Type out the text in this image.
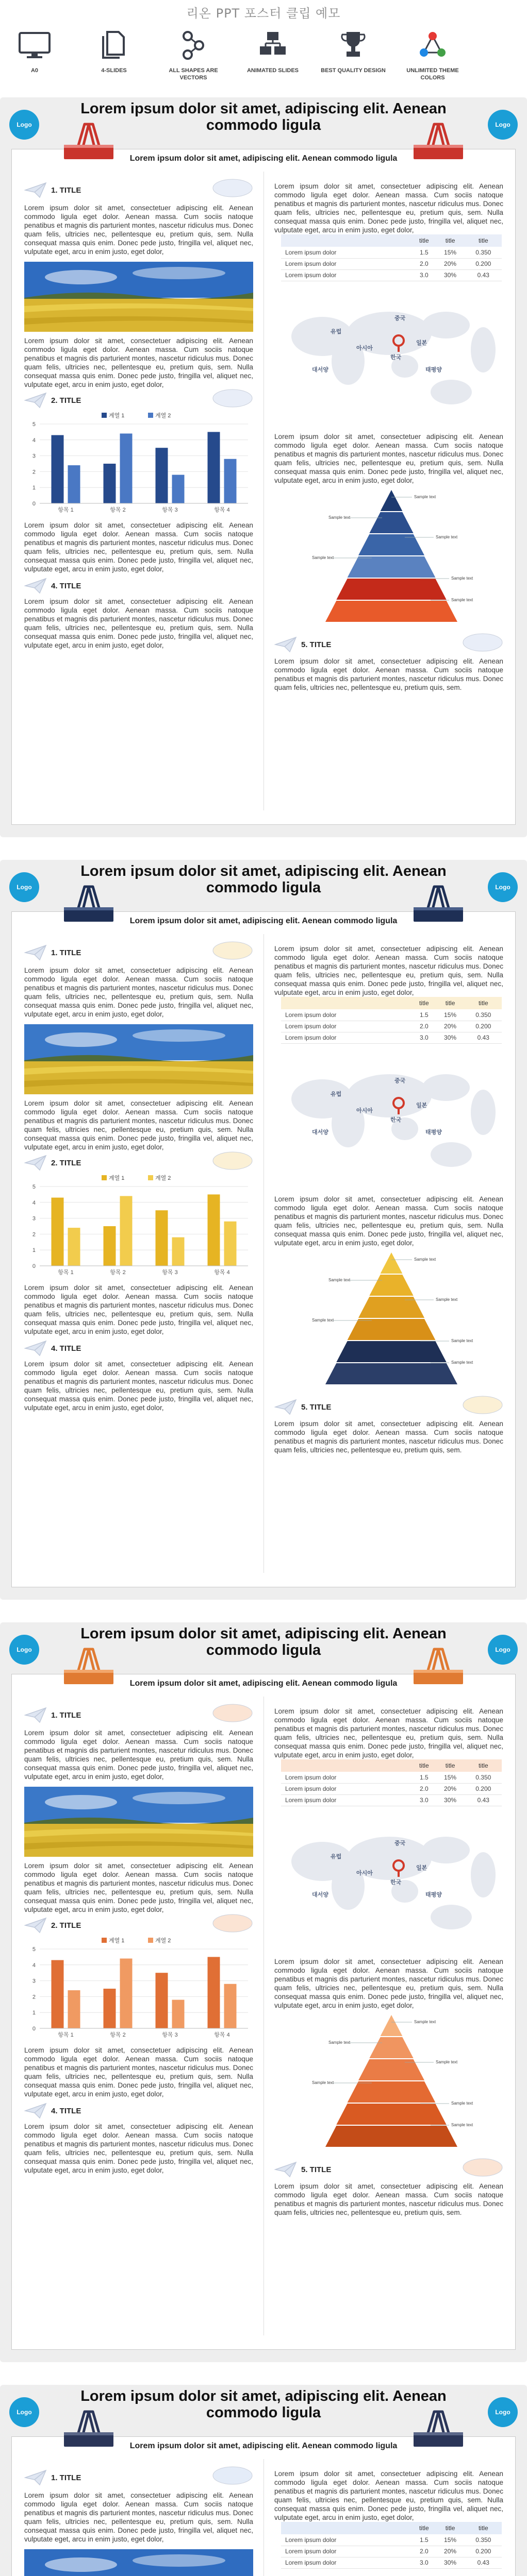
리온 PPT 포스터 클립 예모
A0	4-SLIDES	ALL SHAPES ARE VECTORS
ANIMATED SLIDES	BEST QUALITY DESIGN	UNLIMITED THEME COLORS
Logo	Logo
Lorem ipsum dolor sit amet, adipiscing elit. Aenean commodo ligula
Lorem ipsum dolor sit amet, adipiscing elit. Aenean commodo ligula
1. TITLE
Lorem ipsum dolor sit amet, consectetuer adipiscing elit. Aenean commodo ligula eget dolor. Aenean massa. Cum sociis natoque penatibus et magnis dis parturient montes, nascetur ridiculus mus. Donec quam felis, ultricies nec, pellentesque eu, pretium quis, sem. Nulla consequat massa quis enim. Donec pede justo, fringilla vel, aliquet nec, vulputate eget, arcu in enim justo, eget dolor,
Lorem ipsum dolor sit amet, consectetuer adipiscing elit. Aenean commodo ligula eget dolor. Aenean massa. Cum sociis natoque penatibus et magnis dis parturient montes, nascetur ridiculus mus. Donec quam felis, ultricies nec, pellentesque eu, pretium quis, sem. Nulla consequat massa quis enim. Donec pede justo, fringilla vel, aliquet nec, vulputate eget, arcu in enim justo, eget dolor,
2. TITLE
0
1
2
3
4
5
계열 1	계열 2
항목 1	항목 2	항목 3	항목 4
Lorem ipsum dolor sit amet, consectetuer adipiscing elit. Aenean commodo ligula eget dolor. Aenean massa. Cum sociis natoque penatibus et magnis dis parturient montes, nascetur ridiculus mus. Donec quam felis, ultricies nec, pellentesque eu, pretium quis, sem. Nulla consequat massa quis enim. Donec pede justo, fringilla vel, aliquet nec, vulputate eget, arcu in enim justo, eget dolor,
4. TITLE
Lorem ipsum dolor sit amet, consectetuer adipiscing elit. Aenean commodo ligula eget dolor. Aenean massa. Cum sociis natoque penatibus et magnis dis parturient montes, nascetur ridiculus mus. Donec quam felis, ultricies nec, pellentesque eu, pretium quis, sem. Nulla consequat massa quis enim. Donec pede justo, fringilla vel, aliquet nec, vulputate eget, arcu in enim justo, eget dolor,
Lorem ipsum dolor sit amet, consectetuer adipiscing elit. Aenean commodo ligula eget dolor. Aenean massa. Cum sociis natoque penatibus et magnis dis parturient montes, nascetur ridiculus mus. Donec quam felis, ultricies nec, pellentesque eu, pretium quis, sem. Nulla consequat massa quis enim. Donec pede justo, fringilla vel, aliquet nec, vulputate eget, arcu in enim justo, eget dolor,
	title	title	title
Lorem ipsum dolor	1.5	15%	0.350
Lorem ipsum dolor	2.0	20%	0.200
Lorem ipsum dolor	3.0	30%	0.43
유럽
중국
아시아
한국
일본
태평양
대서양
Lorem ipsum dolor sit amet, consectetuer adipiscing elit. Aenean commodo ligula eget dolor. Aenean massa. Cum sociis natoque penatibus et magnis dis parturient montes, nascetur ridiculus mus. Donec quam felis, ultricies nec, pellentesque eu, pretium quis, sem. Nulla consequat massa quis enim. Donec pede justo, fringilla vel, aliquet nec, vulputate eget, arcu in enim justo, eget dolor,
Sample text
Sample text
Sample text
Sample text
Sample text
Sample text
5. TITLE
Lorem ipsum dolor sit amet, consectetuer adipiscing elit. Aenean commodo ligula eget dolor. Aenean massa. Cum sociis natoque penatibus et magnis dis parturient montes, nascetur ridiculus mus. Donec quam felis, ultricies nec, pellentesque eu, pretium quis, sem.
Logo	Logo
Lorem ipsum dolor sit amet, adipiscing elit. Aenean commodo ligula
Lorem ipsum dolor sit amet, adipiscing elit. Aenean commodo ligula
1. TITLE
Lorem ipsum dolor sit amet, consectetuer adipiscing elit. Aenean commodo ligula eget dolor. Aenean massa. Cum sociis natoque penatibus et magnis dis parturient montes, nascetur ridiculus mus. Donec quam felis, ultricies nec, pellentesque eu, pretium quis, sem. Nulla consequat massa quis enim. Donec pede justo, fringilla vel, aliquet nec, vulputate eget, arcu in enim justo, eget dolor,
Lorem ipsum dolor sit amet, consectetuer adipiscing elit. Aenean commodo ligula eget dolor. Aenean massa. Cum sociis natoque penatibus et magnis dis parturient montes, nascetur ridiculus mus. Donec quam felis, ultricies nec, pellentesque eu, pretium quis, sem. Nulla consequat massa quis enim. Donec pede justo, fringilla vel, aliquet nec, vulputate eget, arcu in enim justo, eget dolor,
2. TITLE
0
1
2
3
4
5
계열 1	계열 2
항목 1	항목 2	항목 3	항목 4
Lorem ipsum dolor sit amet, consectetuer adipiscing elit. Aenean commodo ligula eget dolor. Aenean massa. Cum sociis natoque penatibus et magnis dis parturient montes, nascetur ridiculus mus. Donec quam felis, ultricies nec, pellentesque eu, pretium quis, sem. Nulla consequat massa quis enim. Donec pede justo, fringilla vel, aliquet nec, vulputate eget, arcu in enim justo, eget dolor,
4. TITLE
Lorem ipsum dolor sit amet, consectetuer adipiscing elit. Aenean commodo ligula eget dolor. Aenean massa. Cum sociis natoque penatibus et magnis dis parturient montes, nascetur ridiculus mus. Donec quam felis, ultricies nec, pellentesque eu, pretium quis, sem. Nulla consequat massa quis enim. Donec pede justo, fringilla vel, aliquet nec, vulputate eget, arcu in enim justo, eget dolor,
Lorem ipsum dolor sit amet, consectetuer adipiscing elit. Aenean commodo ligula eget dolor. Aenean massa. Cum sociis natoque penatibus et magnis dis parturient montes, nascetur ridiculus mus. Donec quam felis, ultricies nec, pellentesque eu, pretium quis, sem. Nulla consequat massa quis enim. Donec pede justo, fringilla vel, aliquet nec, vulputate eget, arcu in enim justo, eget dolor,
	title	title	title
Lorem ipsum dolor	1.5	15%	0.350
Lorem ipsum dolor	2.0	20%	0.200
Lorem ipsum dolor	3.0	30%	0.43
유럽
중국
아시아
한국
일본
태평양
대서양
Lorem ipsum dolor sit amet, consectetuer adipiscing elit. Aenean commodo ligula eget dolor. Aenean massa. Cum sociis natoque penatibus et magnis dis parturient montes, nascetur ridiculus mus. Donec quam felis, ultricies nec, pellentesque eu, pretium quis, sem. Nulla consequat massa quis enim. Donec pede justo, fringilla vel, aliquet nec, vulputate eget, arcu in enim justo, eget dolor,
Sample text
Sample text
Sample text
Sample text
Sample text
Sample text
5. TITLE
Lorem ipsum dolor sit amet, consectetuer adipiscing elit. Aenean commodo ligula eget dolor. Aenean massa. Cum sociis natoque penatibus et magnis dis parturient montes, nascetur ridiculus mus. Donec quam felis, ultricies nec, pellentesque eu, pretium quis, sem.
Logo	Logo
Lorem ipsum dolor sit amet, adipiscing elit. Aenean commodo ligula
Lorem ipsum dolor sit amet, adipiscing elit. Aenean commodo ligula
1. TITLE
Lorem ipsum dolor sit amet, consectetuer adipiscing elit. Aenean commodo ligula eget dolor. Aenean massa. Cum sociis natoque penatibus et magnis dis parturient montes, nascetur ridiculus mus. Donec quam felis, ultricies nec, pellentesque eu, pretium quis, sem. Nulla consequat massa quis enim. Donec pede justo, fringilla vel, aliquet nec, vulputate eget, arcu in enim justo, eget dolor,
Lorem ipsum dolor sit amet, consectetuer adipiscing elit. Aenean commodo ligula eget dolor. Aenean massa. Cum sociis natoque penatibus et magnis dis parturient montes, nascetur ridiculus mus. Donec quam felis, ultricies nec, pellentesque eu, pretium quis, sem. Nulla consequat massa quis enim. Donec pede justo, fringilla vel, aliquet nec, vulputate eget, arcu in enim justo, eget dolor,
2. TITLE
0
1
2
3
4
5
계열 1	계열 2
항목 1	항목 2	항목 3	항목 4
Lorem ipsum dolor sit amet, consectetuer adipiscing elit. Aenean commodo ligula eget dolor. Aenean massa. Cum sociis natoque penatibus et magnis dis parturient montes, nascetur ridiculus mus. Donec quam felis, ultricies nec, pellentesque eu, pretium quis, sem. Nulla consequat massa quis enim. Donec pede justo, fringilla vel, aliquet nec, vulputate eget, arcu in enim justo, eget dolor,
4. TITLE
Lorem ipsum dolor sit amet, consectetuer adipiscing elit. Aenean commodo ligula eget dolor. Aenean massa. Cum sociis natoque penatibus et magnis dis parturient montes, nascetur ridiculus mus. Donec quam felis, ultricies nec, pellentesque eu, pretium quis, sem. Nulla consequat massa quis enim. Donec pede justo, fringilla vel, aliquet nec, vulputate eget, arcu in enim justo, eget dolor,
Lorem ipsum dolor sit amet, consectetuer adipiscing elit. Aenean commodo ligula eget dolor. Aenean massa. Cum sociis natoque penatibus et magnis dis parturient montes, nascetur ridiculus mus. Donec quam felis, ultricies nec, pellentesque eu, pretium quis, sem. Nulla consequat massa quis enim. Donec pede justo, fringilla vel, aliquet nec, vulputate eget, arcu in enim justo, eget dolor,
	title	title	title
Lorem ipsum dolor	1.5	15%	0.350
Lorem ipsum dolor	2.0	20%	0.200
Lorem ipsum dolor	3.0	30%	0.43
유럽
중국
아시아
한국
일본
태평양
대서양
Lorem ipsum dolor sit amet, consectetuer adipiscing elit. Aenean commodo ligula eget dolor. Aenean massa. Cum sociis natoque penatibus et magnis dis parturient montes, nascetur ridiculus mus. Donec quam felis, ultricies nec, pellentesque eu, pretium quis, sem. Nulla consequat massa quis enim. Donec pede justo, fringilla vel, aliquet nec, vulputate eget, arcu in enim justo, eget dolor,
Sample text
Sample text
Sample text
Sample text
Sample text
Sample text
5. TITLE
Lorem ipsum dolor sit amet, consectetuer adipiscing elit. Aenean commodo ligula eget dolor. Aenean massa. Cum sociis natoque penatibus et magnis dis parturient montes, nascetur ridiculus mus. Donec quam felis, ultricies nec, pellentesque eu, pretium quis, sem.
Logo	Logo
Lorem ipsum dolor sit amet, adipiscing elit. Aenean commodo ligula
Lorem ipsum dolor sit amet, adipiscing elit. Aenean commodo ligula
1. TITLE
Lorem ipsum dolor sit amet, consectetuer adipiscing elit. Aenean commodo ligula eget dolor. Aenean massa. Cum sociis natoque penatibus et magnis dis parturient montes, nascetur ridiculus mus. Donec quam felis, ultricies nec, pellentesque eu, pretium quis, sem. Nulla consequat massa quis enim. Donec pede justo, fringilla vel, aliquet nec, vulputate eget, arcu in enim justo, eget dolor,
Lorem ipsum dolor sit amet, consectetuer adipiscing elit. Aenean commodo ligula eget dolor. Aenean massa. Cum sociis natoque penatibus et magnis dis parturient montes, nascetur ridiculus mus. Donec quam felis, ultricies nec, pellentesque eu, pretium quis, sem. Nulla consequat massa quis enim. Donec pede justo, fringilla vel, aliquet nec, vulputate eget, arcu in enim justo, eget dolor,
	title	title	title
Lorem ipsum dolor	1.5	15%	0.350
Lorem ipsum dolor	2.0	20%	0.200
Lorem ipsum dolor	3.0	30%	0.43
